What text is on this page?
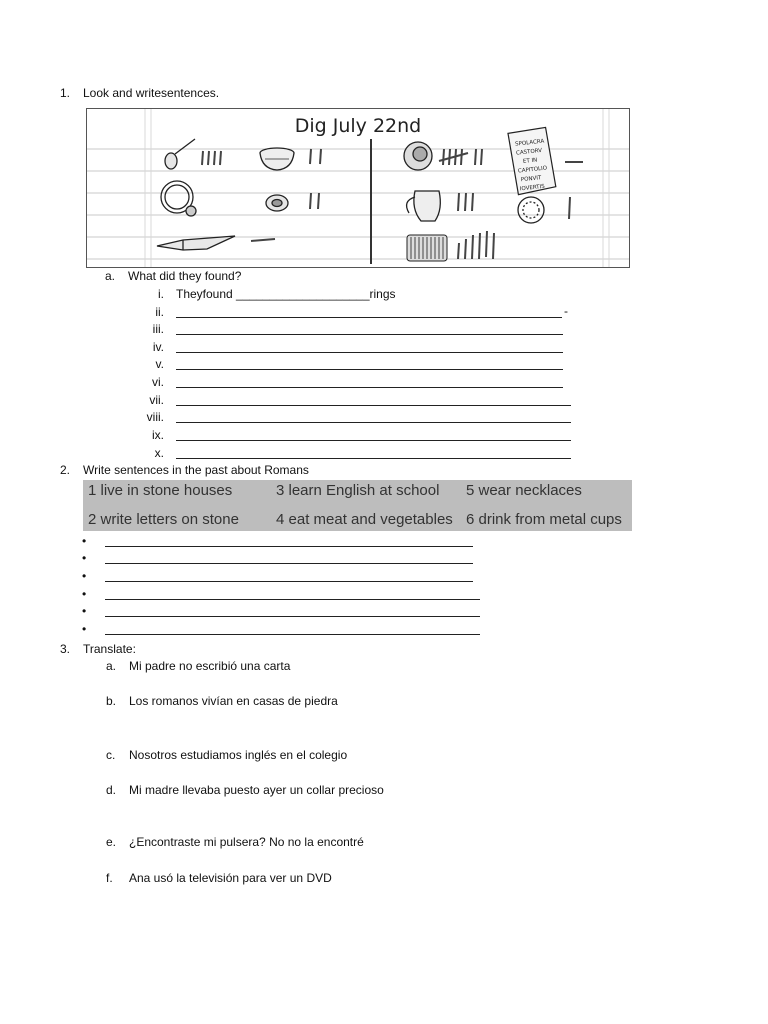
1. Look and writesentences.
SPOLACRA
CASTORV
ET IN
CAPITOLIO
PONVIT
IOVERTIS
Dig July 22nd
a. What did they found?
i. Theyfound ____________________rings
ii.	-
iii.
iv.
v.
vi.
vii.
viii.
ix.
x.
2. Write sentences in the past about Romans
1 live in stone houses	3 learn English at school 5 wear necklaces
2 write letters on stone 4 eat meat and vegetables 6 drink from metal cups
•
•
•
•
•
•
3. Translate:
a. Mi padre no escribió una carta
b. Los romanos vivían en casas de piedra
c. Nosotros estudiamos inglés en el colegio
d. Mi madre llevaba puesto ayer un collar precioso
e. ¿Encontraste mi pulsera? No no la encontré
f. Ana usó la televisión para ver un DVD
